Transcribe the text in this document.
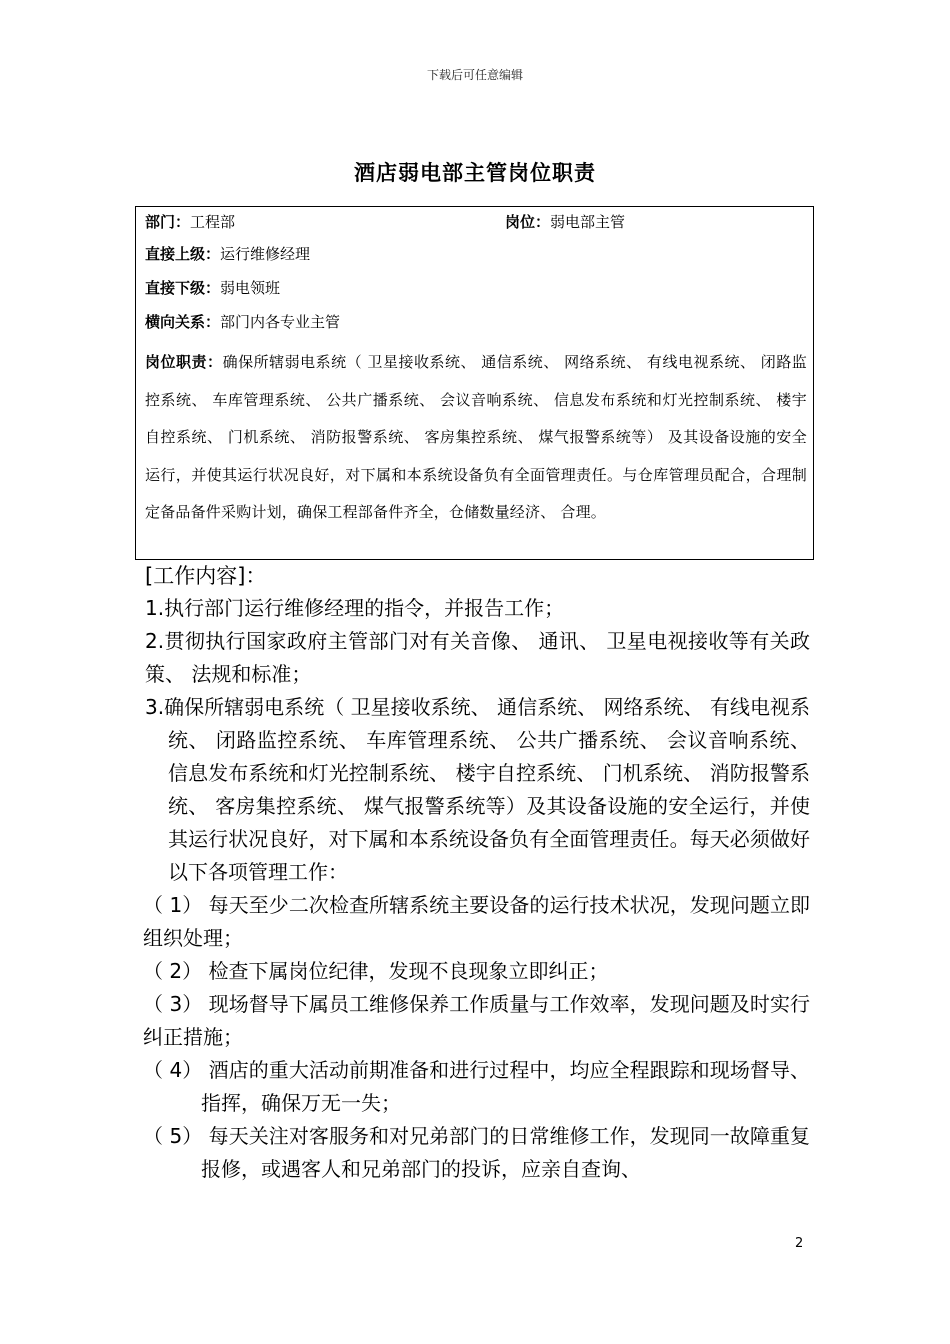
下载后可任意编辑
酒店弱电部主管岗位职责
部门：工程部	岗位：弱电部主管
直接上级：运行维修经理
直接下级：弱电领班
横向关系：部门内各专业主管
岗位职责：确保所辖弱电系统（ 卫星接收系统、 通信系统、 网络系统、 有线电视系统、 闭路监控系统、 车库管理系统、 公共广播系统、 会议音响系统、 信息发布系统和灯光控制系统、 楼宇自控系统、 门机系统、 消防报警系统、 客房集控系统、 煤气报警系统等） 及其设备设施的安全运行，并使其运行状况良好，对下属和本系统设备负有全面管理责任。与仓库管理员配合，合理制定备品备件采购计划，确保工程部备件齐全，仓储数量经济、 合理。
[工作内容]：

1.执行部门运行维修经理的指令，并报告工作；

2.贯彻执行国家政府主管部门对有关音像、 通讯、 卫星电视接收等有关政策、 法规和标准；

3.确保所辖弱电系统（ 卫星接收系统、 通信系统、 网络系统、 有线电视系统、 闭路监控系统、 车库管理系统、 公共广播系统、 会议音响系统、 信息发布系统和灯光控制系统、 楼宇自控系统、 门机系统、 消防报警系统、 客房集控系统、 煤气报警系统等）及其设备设施的安全运行，并使其运行状况良好，对下属和本系统设备负有全面管理责任。每天必须做好以下各项管理工作：

（ 1） 每天至少二次检查所辖系统主要设备的运行技术状况，发现问题立即组织处理；

（ 2） 检查下属岗位纪律，发现不良现象立即纠正；

（ 3） 现场督导下属员工维修保养工作质量与工作效率，发现问题及时实行纠正措施；

（ 4） 酒店的重大活动前期准备和进行过程中，均应全程跟踪和现场督导、 指挥，确保万无一失；

（ 5） 每天关注对客服务和对兄弟部门的日常维修工作，发现同一故障重复报修，或遇客人和兄弟部门的投诉，应亲自查询、

2
